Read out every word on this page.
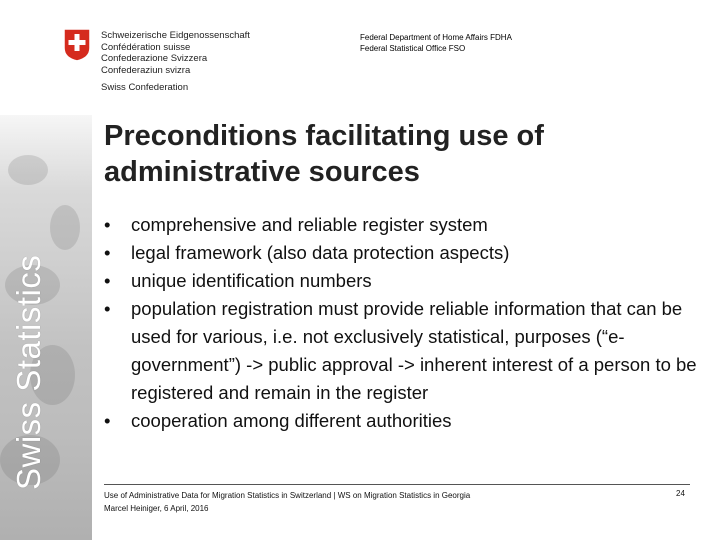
Swiss Statistics
Schweizerische Eidgenossenschaft
Confédération suisse
Confederazione Svizzera
Confederaziun svizra
Swiss Confederation
Federal Department of Home Affairs FDHA
Federal Statistical Office FSO
Preconditions facilitating use of
administrative sources
• comprehensive and reliable register system
• legal framework (also data protection aspects)
• unique identification numbers
• population registration must provide reliable information that can be used for various, i.e. not exclusively statistical, purposes (“e-government”) -> public approval -> inherent interest of a person to be registered and remain in the register
• cooperation among different authorities
Use of Administrative Data for Migration Statistics in Switzerland | WS on Migration Statistics in Georgia
Marcel Heiniger, 6 April, 2016
24
